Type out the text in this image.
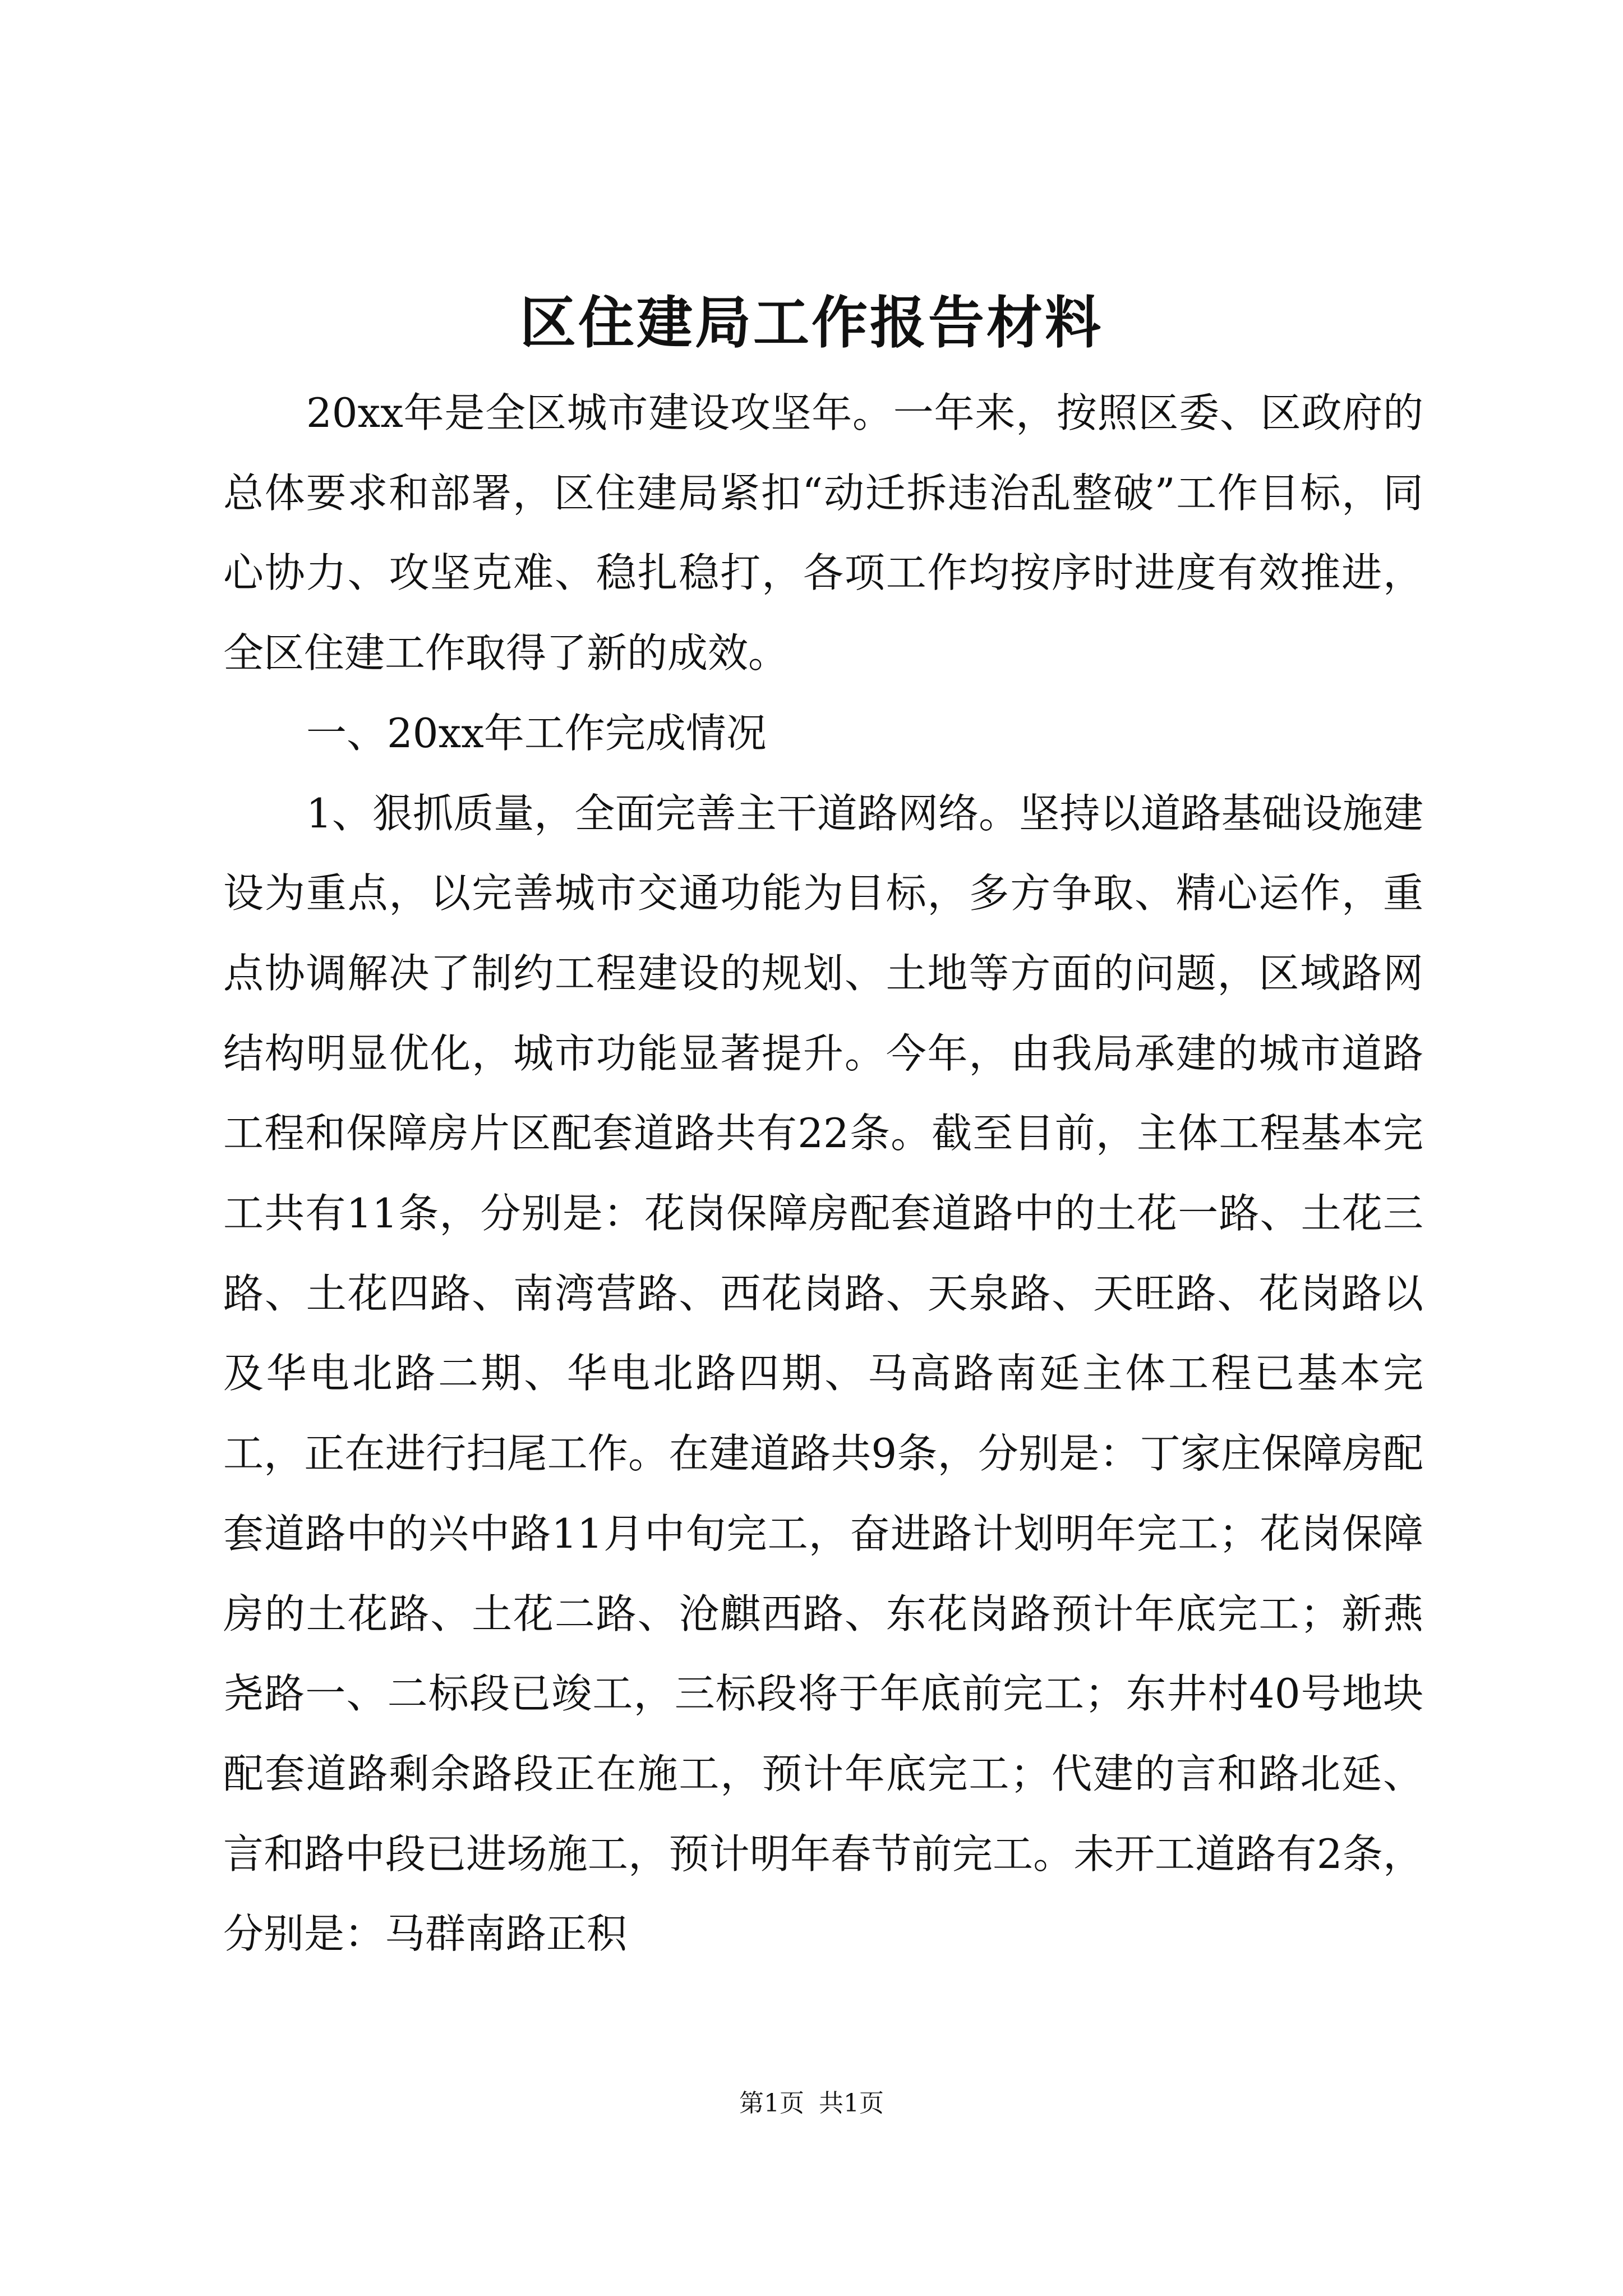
区住建局工作报告材料

20xx年是全区城市建设攻坚年。一年来，按照区委、区政府的总体要求和部署，区住建局紧扣“动迁拆违治乱整破”工作目标，同心协力、攻坚克难、稳扎稳打，各项工作均按序时进度有效推进，全区住建工作取得了新的成效。

一、20xx年工作完成情况

1、狠抓质量，全面完善主干道路网络。坚持以道路基础设施建设为重点，以完善城市交通功能为目标，多方争取、精心运作，重点协调解决了制约工程建设的规划、土地等方面的问题，区域路网结构明显优化，城市功能显著提升。今年，由我局承建的城市道路工程和保障房片区配套道路共有22条。截至目前，主体工程基本完工共有11条，分别是：花岗保障房配套道路中的土花一路、土花三路、土花四路、南湾营路、西花岗路、天泉路、天旺路、花岗路以及华电北路二期、华电北路四期、马高路南延主体工程已基本完工，正在进行扫尾工作。在建道路共9条，分别是：丁家庄保障房配套道路中的兴中路11月中旬完工，奋进路计划明年完工；花岗保障房的土花路、土花二路、沧麒西路、东花岗路预计年底完工；新燕尧路一、二标段已竣工，三标段将于年底前完工；东井村40号地块配套道路剩余路段正在施工，预计年底完工；代建的言和路北延、言和路中段已进场施工，预计明年春节前完工。未开工道路有2条，分别是：马群南路正积

第1页 共1页
